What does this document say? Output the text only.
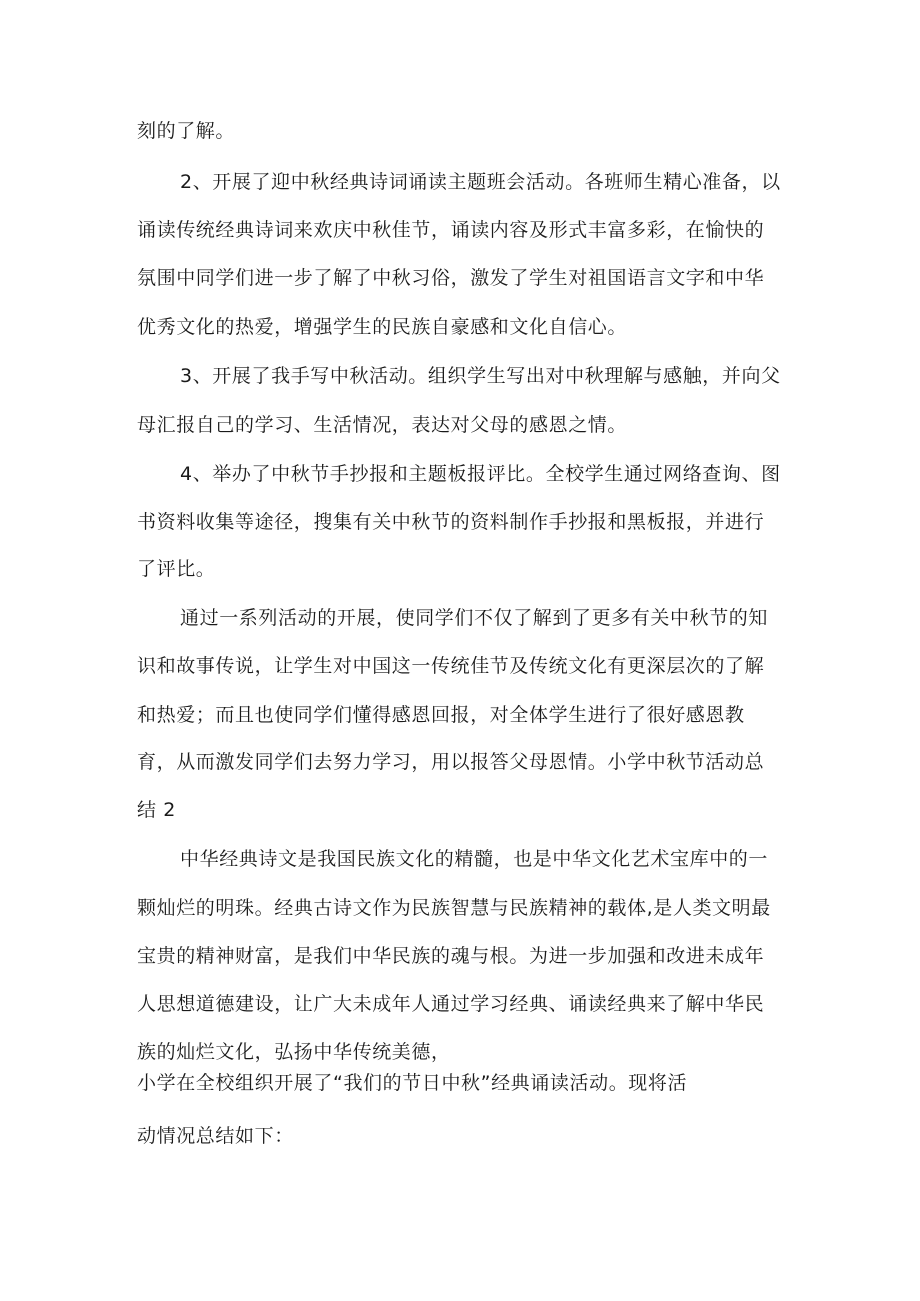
刻的了解。
2、开展了迎中秋经典诗词诵读主题班会活动。各班师生精心准备，以
诵读传统经典诗词来欢庆中秋佳节，诵读内容及形式丰富多彩，在愉快的
氛围中同学们进一步了解了中秋习俗，激发了学生对祖国语言文字和中华
优秀文化的热爱，增强学生的民族自豪感和文化自信心。
3、开展了我手写中秋活动。组织学生写出对中秋理解与感触，并向父
母汇报自己的学习、生活情况，表达对父母的感恩之情。
4、举办了中秋节手抄报和主题板报评比。全校学生通过网络查询、图
书资料收集等途径，搜集有关中秋节的资料制作手抄报和黑板报，并进行
了评比。
通过一系列活动的开展，使同学们不仅了解到了更多有关中秋节的知
识和故事传说，让学生对中国这一传统佳节及传统文化有更深层次的了解
和热爱；而且也使同学们懂得感恩回报，对全体学生进行了很好感恩教
育，从而激发同学们去努力学习，用以报答父母恩情。小学中秋节活动总
结 2
中华经典诗文是我国民族文化的精髓，也是中华文化艺术宝库中的一
颗灿烂的明珠。经典古诗文作为民族智慧与民族精神的载体,是人类文明最
宝贵的精神财富，是我们中华民族的魂与根。为进一步加强和改进未成年
人思想道德建设，让广大未成年人通过学习经典、诵读经典来了解中华民
族的灿烂文化，弘扬中华传统美德，
小学在全校组织开展了“我们的节日中秋”经典诵读活动。现将活
动情况总结如下：
